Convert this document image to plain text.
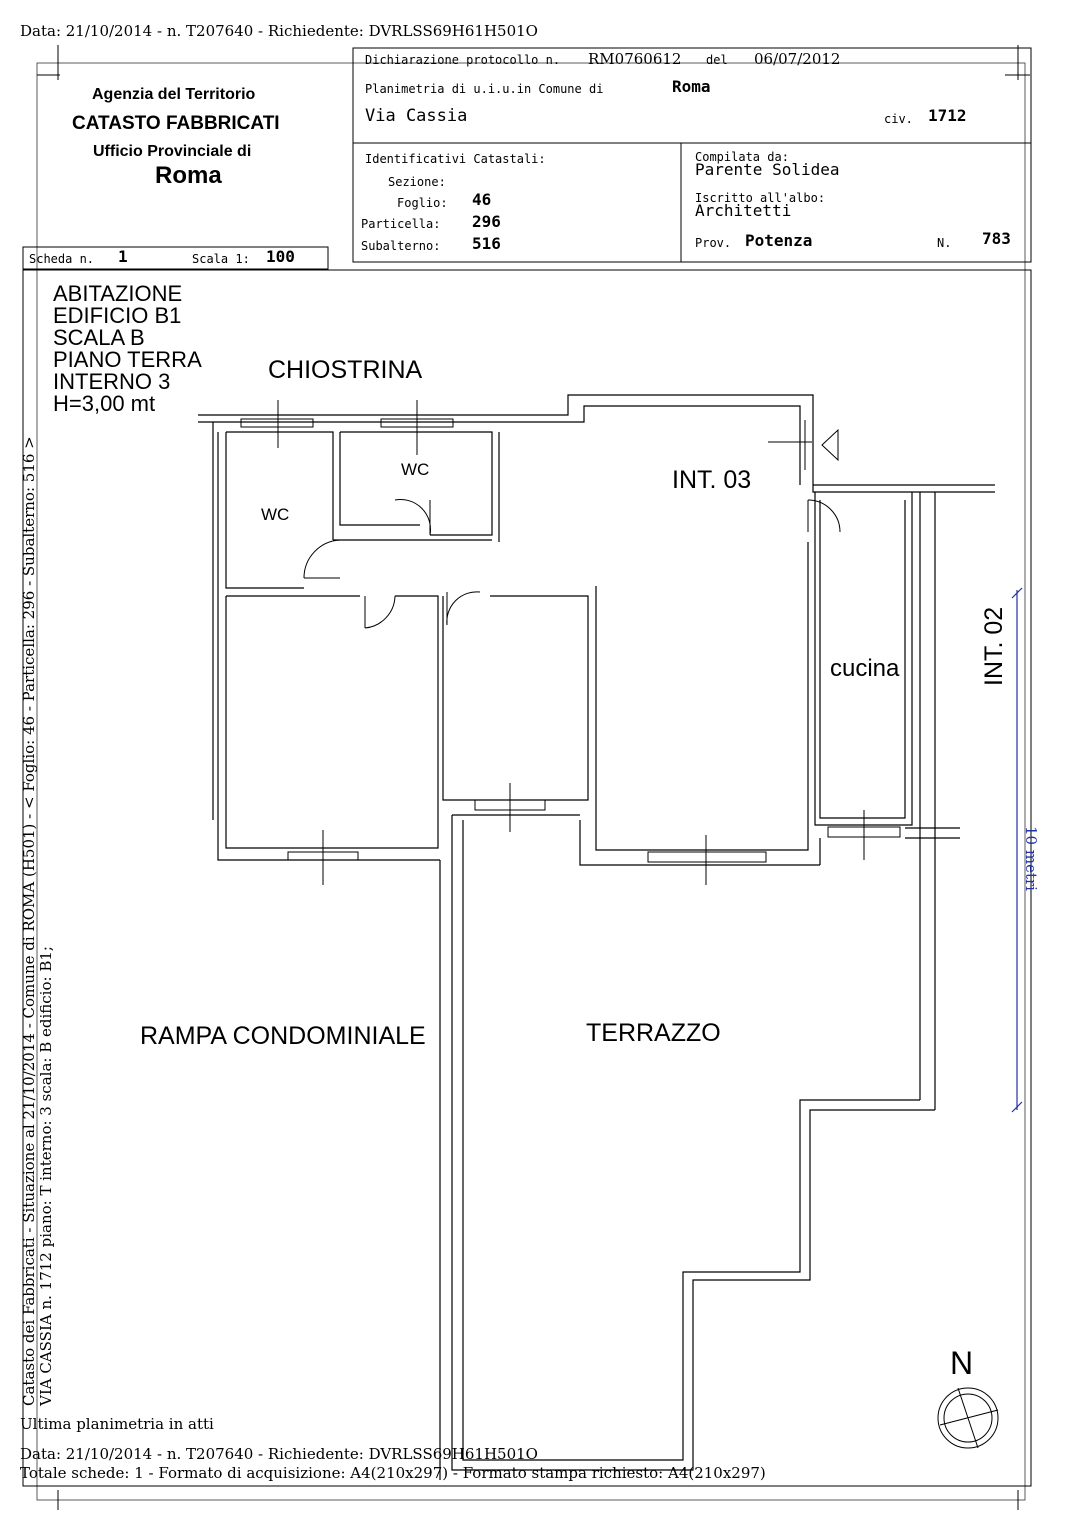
Data: 21/10/2014 - n. T207640 - Richiedente: DVRLSS69H61H501O
Agenzia del Territorio
CATASTO FABBRICATI
Ufficio Provinciale di
Roma
Dichiarazione protocollo n. RM0760612 del 06/07/2012
Planimetria di u.i.u.in Comune di	Roma
Via Cassia	civ. 1712
Identificativi Catastali:
Sezione:
Foglio: 46
Particella: 296
Subalterno: 516
Compilata da:
Parente Solidea
Iscritto all'albo:
Architetti
Prov. Potenza	N. 783
Scheda n. 1	Scala 1: 100
ABITAZIONE
EDIFICIO B1
SCALA B
PIANO TERRA
INTERNO 3
H=3,00 mt
CHIOSTRINA
WC
WC	INT. 03
cucina	INT. 02
RAMPA CONDOMINIALE	TERRAZZO
N
10 metri
Catasto dei Fabbricati - Situazione al 21/10/2014 - Comune di ROMA (H501) - < Foglio: 46 - Particella: 296 - Subalterno: 516 > VIA CASSIA n. 1712 piano: T interno: 3 scala: B edificio: B1;
Ultima planimetria in atti
Data: 21/10/2014 - n. T207640 - Richiedente: DVRLSS69H61H501O
Totale schede: 1 - Formato di acquisizione: A4(210x297) - Formato stampa richiesto: A4(210x297)
